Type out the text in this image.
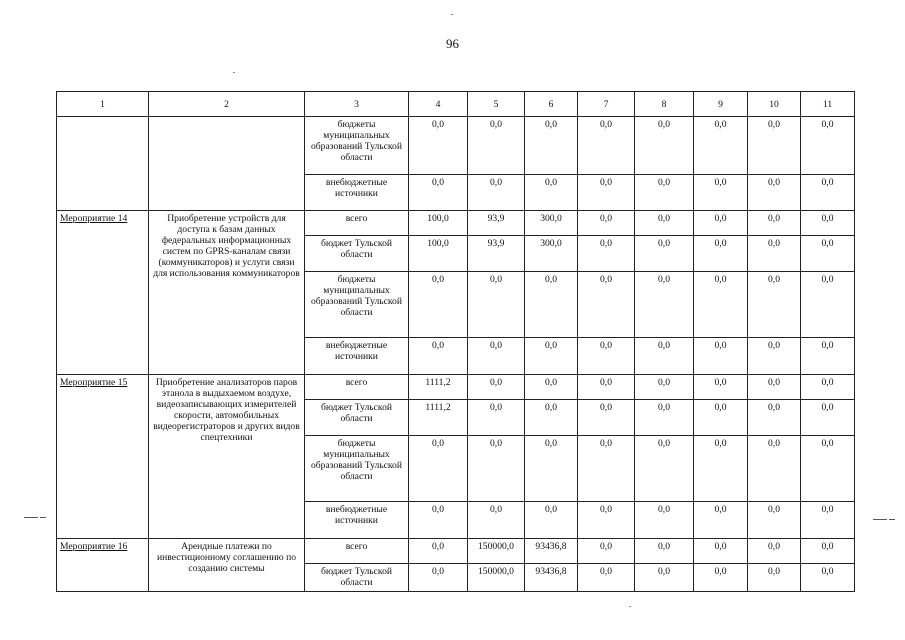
96
1	2	3	4	5	6	7	8	9	10	11
		бюджеты муниципальных образований Тульской области	0,0	0,0	0,0	0,0	0,0	0,0	0,0	0,0
		внебюджетные источники	0,0	0,0	0,0	0,0	0,0	0,0	0,0	0,0
Мероприятие 14	Приобретение устройств для доступа к базам данных федеральных информационных систем по GPRS-каналам связи (коммуникаторов) и услуги связи для использования коммуникаторов	всего	100,0	93,9	300,0	0,0	0,0	0,0	0,0	0,0
		бюджет Тульской области	100,0	93,9	300,0	0,0	0,0	0,0	0,0	0,0
		бюджеты муниципальных образований Тульской области	0,0	0,0	0,0	0,0	0,0	0,0	0,0	0,0
		внебюджетные источники	0,0	0,0	0,0	0,0	0,0	0,0	0,0	0,0
Мероприятие 15	Приобретение анализаторов паров этанола в выдыхаемом воздухе, видеозаписывающих измерителей скорости, автомобильных видеорегистраторов и других видов спецтехники	всего	1111,2	0,0	0,0	0,0	0,0	0,0	0,0	0,0
		бюджет Тульской области	1111,2	0,0	0,0	0,0	0,0	0,0	0,0	0,0
		бюджеты муниципальных образований Тульской области	0,0	0,0	0,0	0,0	0,0	0,0	0,0	0,0
		внебюджетные источники	0,0	0,0	0,0	0,0	0,0	0,0	0,0	0,0
Мероприятие 16	Арендные платежи по инвестиционному соглашению по созданию системы	всего	0,0	150000,0	93436,8	0,0	0,0	0,0	0,0	0,0
		бюджет Тульской области	0,0	150000,0	93436,8	0,0	0,0	0,0	0,0	0,0
